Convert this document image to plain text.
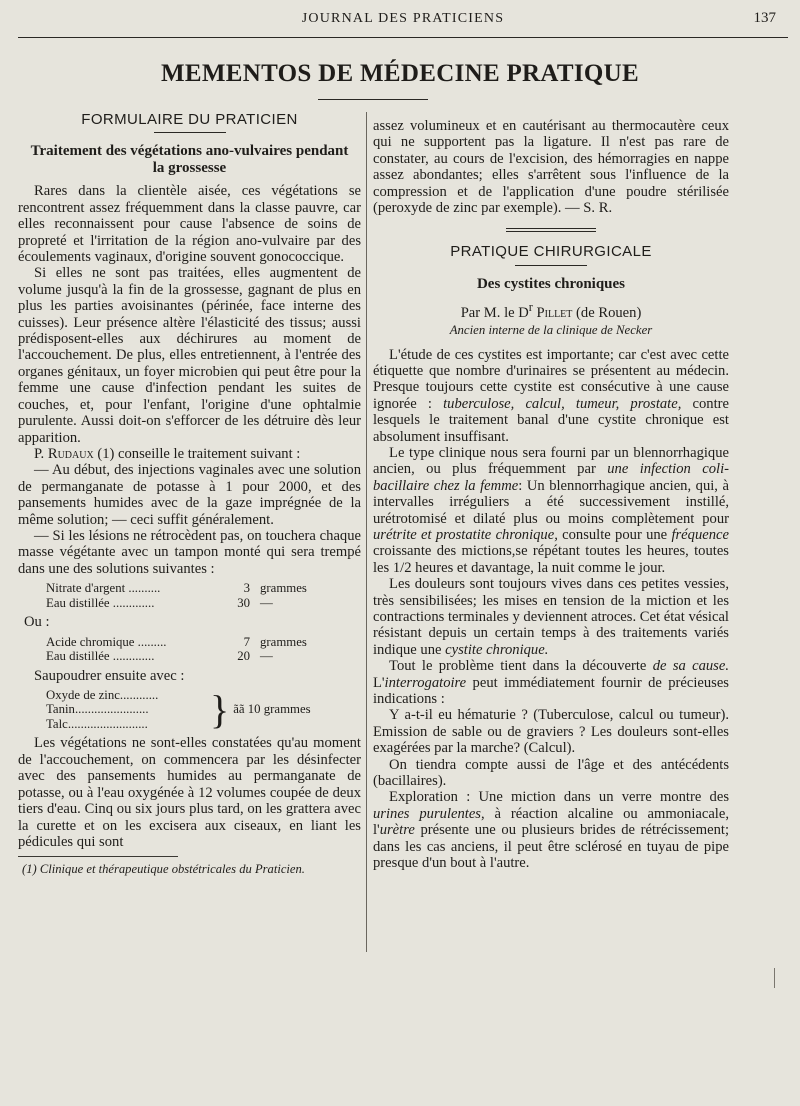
JOURNAL DES PRATICIENS	137
MEMENTOS DE MÉDECINE PRATIQUE
FORMULAIRE DU PRATICIEN
Traitement des végétations ano-vulvaires pendant la grossesse

Rares dans la clientèle aisée, ces végétations se rencontrent assez fréquemment dans la classe pauvre, car elles reconnaissent pour cause l'absence de soins de propreté et l'irritation de la région ano-vulvaire par des écoulements vaginaux, d'origine souvent gonococcique.

Si elles ne sont pas traitées, elles augmentent de volume jusqu'à la fin de la grossesse, gagnant de plus en plus les parties avoisinantes (périnée, face interne des cuisses). Leur présence altère l'élasticité des tissus; aussi prédisposent-elles aux déchirures au moment de l'accouchement. De plus, elles entretiennent, à l'entrée des organes génitaux, un foyer microbien qui peut être pour la femme une cause d'infection pendant les suites de couches, et, pour l'enfant, l'origine d'une ophtalmie purulente. Aussi doit-on s'efforcer de les détruire dès leur apparition.

P. Rudaux (1) conseille le traitement suivant :

— Au début, des injections vaginales avec une solution de permanganate de potasse à 1 pour 2000, et des pansements humides avec de la gaze imprégnée de la même solution; — ceci suffit généralement.

— Si les lésions ne rétrocèdent pas, on touchera chaque masse végétante avec un tampon monté qui sera trempé dans une des solutions suivantes :

Nitrate d'argent ..........	3 grammes
Eau distillée .............	30 —
Ou :
Acide chromique .........	7 grammes
Eau distillée .............	20 —

Saupoudrer ensuite avec :

Oxyde de zinc............
Tanin.......................
Talc.........................	} ãã 10 grammes

Les végétations ne sont-elles constatées qu'au moment de l'accouchement, on commencera par les désinfecter avec des pansements humides au permanganate de potasse, ou à l'eau oxygénée à 12 volumes coupée de deux tiers d'eau. Cinq ou six jours plus tard, on les grattera avec la curette et on les excisera aux ciseaux, en liant les pédicules qui sont

(1) Clinique et thérapeutique obstétricales du Praticien.

assez volumineux et en cautérisant au thermocautère ceux qui ne supportent pas la ligature. Il n'est pas rare de constater, au cours de l'excision, des hémorragies en nappe assez abondantes; elles s'arrêtent sous l'influence de la compression et de l'application d'une poudre stérilisée (peroxyde de zinc par exemple). — S. R.

PRATIQUE CHIRURGICALE
Des cystites chroniques
Par M. le $D^r$ Pillet (de Rouen)
Ancien interne de la clinique de Necker

L'étude de ces cystites est importante; car c'est avec cette étiquette que nombre d'urinaires se présentent au médecin. Presque toujours cette cystite est consécutive à une cause ignorée : tuberculose, calcul, tumeur, prostate, contre lesquels le traitement banal d'une cystite chronique est absolument insuffisant.

Le type clinique nous sera fourni par un blennorrhagique ancien, ou plus fréquemment par une infection coli-bacillaire chez la femme: Un blennorrhagique ancien, qui, à intervalles irréguliers a été successivement instillé, urétrotomisé et dilaté plus ou moins complètement pour urétrite et prostatite chronique, consulte pour une fréquence croissante des mictions,se répétant toutes les heures, toutes les 1/2 heures et davantage, la nuit comme le jour.

Les douleurs sont toujours vives dans ces petites vessies, très sensibilisées; les mises en tension de la miction et les contractions terminales y deviennent atroces. Cet état vésical résistant depuis un certain temps à des traitements variés indique une cystite chronique.

Tout le problème tient dans la découverte de sa cause. L'interrogatoire peut immédiatement fournir de précieuses indications :

Y a-t-il eu hématurie ? (Tuberculose, calcul ou tumeur). Emission de sable ou de graviers ? Les douleurs sont-elles exagérées par la marche? (Calcul).

On tiendra compte aussi de l'âge et des antécédents (bacillaires).

Exploration : Une miction dans un verre montre des urines purulentes, à réaction alcaline ou ammoniacale, l'urètre présente une ou plusieurs brides de rétrécissement; dans les cas anciens, il peut être sclérosé en tuyau de pipe presque d'un bout à l'autre.
